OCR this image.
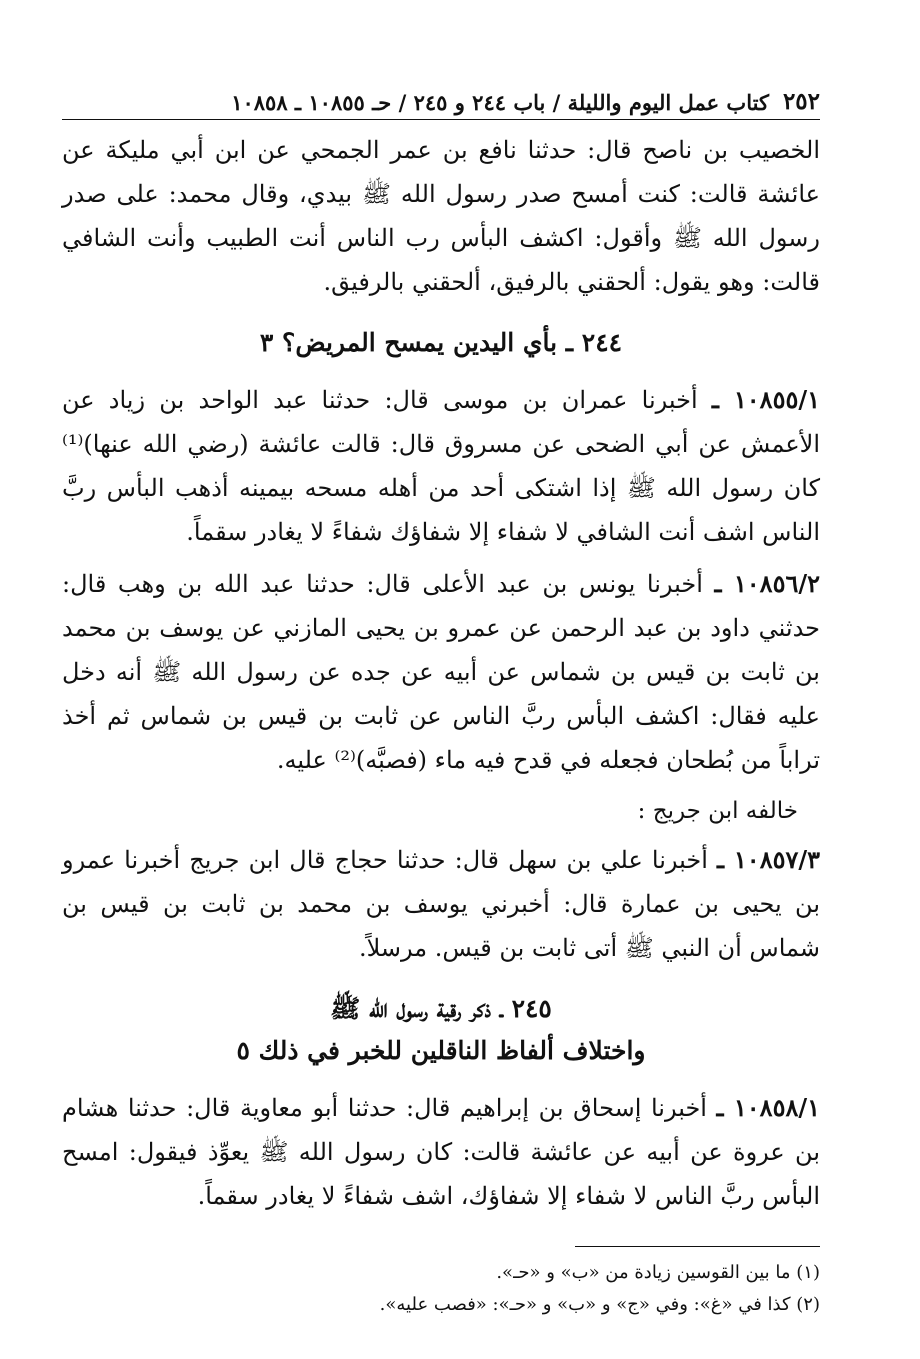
٢٥٢
كتاب عمل اليوم والليلة / باب ٢٤٤ و ٢٤٥ / حـ ١٠٨٥٥ ـ ١٠٨٥٨

الخصيب بن ناصح قال: حدثنا نافع بن عمر الجمحي عن ابن أبي مليكة عن عائشة قالت: كنت أمسح صدر رسول الله ﷺ بيدي، وقال محمد: على صدر رسول الله ﷺ وأقول: اكشف البأس رب الناس أنت الطبيب وأنت الشافي قالت: وهو يقول: ألحقني بالرفيق، ألحقني بالرفيق.

٢٤٤ ـ بأي اليدين يمسح المريض؟ ٣

١٠٨٥٥/١ ـ أخبرنا عمران بن موسى قال: حدثنا عبد الواحد بن زياد عن الأعمش عن أبي الضحى عن مسروق قال: قالت عائشة (رضي الله عنها)⁽¹⁾ كان رسول الله ﷺ إذا اشتكى أحد من أهله مسحه بيمينه أذهب البأس ربَّ الناس اشف أنت الشافي لا شفاء إلا شفاؤك شفاءً لا يغادر سقماً.

١٠٨٥٦/٢ ـ أخبرنا يونس بن عبد الأعلى قال: حدثنا عبد الله بن وهب قال: حدثني داود بن عبد الرحمن عن عمرو بن يحيى المازني عن يوسف بن محمد بن ثابت بن قيس بن شماس عن أبيه عن جده عن رسول الله ﷺ أنه دخل عليه فقال: اكشف البأس ربَّ الناس عن ثابت بن قيس بن شماس ثم أخذ تراباً من بُطحان فجعله في قدح فيه ماء (فصبَّه)⁽²⁾ عليه.

خالفه ابن جريج :

١٠٨٥٧/٣ ـ أخبرنا علي بن سهل قال: حدثنا حجاج قال ابن جريج أخبرنا عمرو بن يحيى بن عمارة قال: أخبرني يوسف بن محمد بن ثابت بن قيس بن شماس أن النبي ﷺ أتى ثابت بن قيس. مرسلاً.

٢٤٥ ـ ذكر رقية رسول الله ﷺ
واختلاف ألفاظ الناقلين للخبر في ذلك ٥

١٠٨٥٨/١ ـ أخبرنا إسحاق بن إبراهيم قال: حدثنا أبو معاوية قال: حدثنا هشام بن عروة عن أبيه عن عائشة قالت: كان رسول الله ﷺ يعوِّذ فيقول: امسح البأس ربَّ الناس لا شفاء إلا شفاؤك، اشف شفاءً لا يغادر سقماً.

(١) ما بين القوسين زيادة من «ب» و «حـ».

(٢) كذا في «غ»: وفي «ج» و «ب» و «حـ»: «فصب عليه».
